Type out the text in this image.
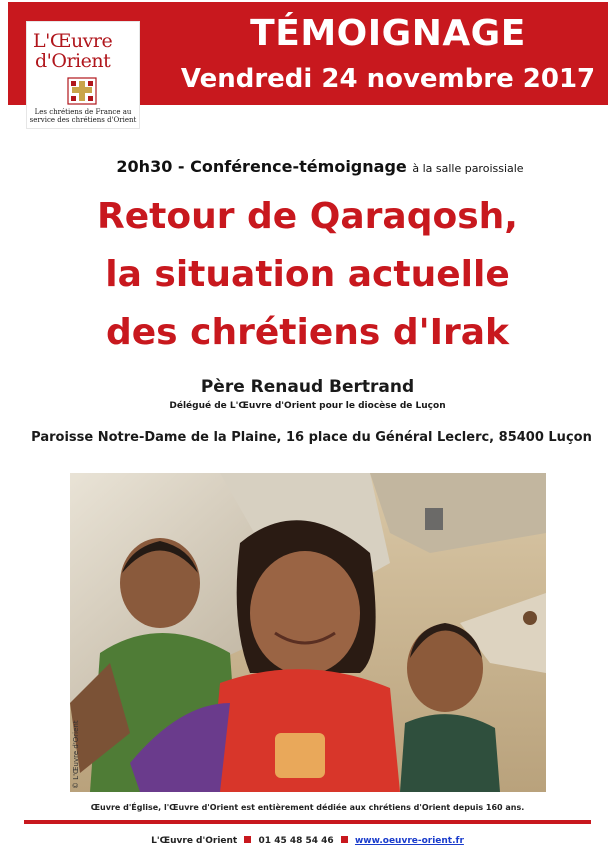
TÉMOIGNAGE
Vendredi 24 novembre 2017
L'Œuvre
d'Orient
Les chrétiens de France au service des chrétiens d'Orient
20h30 - Conférence-témoignage à la salle paroissiale
Retour de Qaraqosh,
la situation actuelle
des chrétiens d'Irak
Père Renaud Bertrand
Délégué de L'Œuvre d'Orient pour le diocèse de Luçon
Paroisse Notre-Dame de la Plaine, 16 place du Général Leclerc, 85400 Luçon
© L'Œuvre d'Orient
Œuvre d'Église, l'Œuvre d'Orient est entièrement dédiée aux chrétiens d'Orient depuis 160 ans.
L'Œuvre d'Orient 01 45 48 54 46 www.oeuvre-orient.fr
